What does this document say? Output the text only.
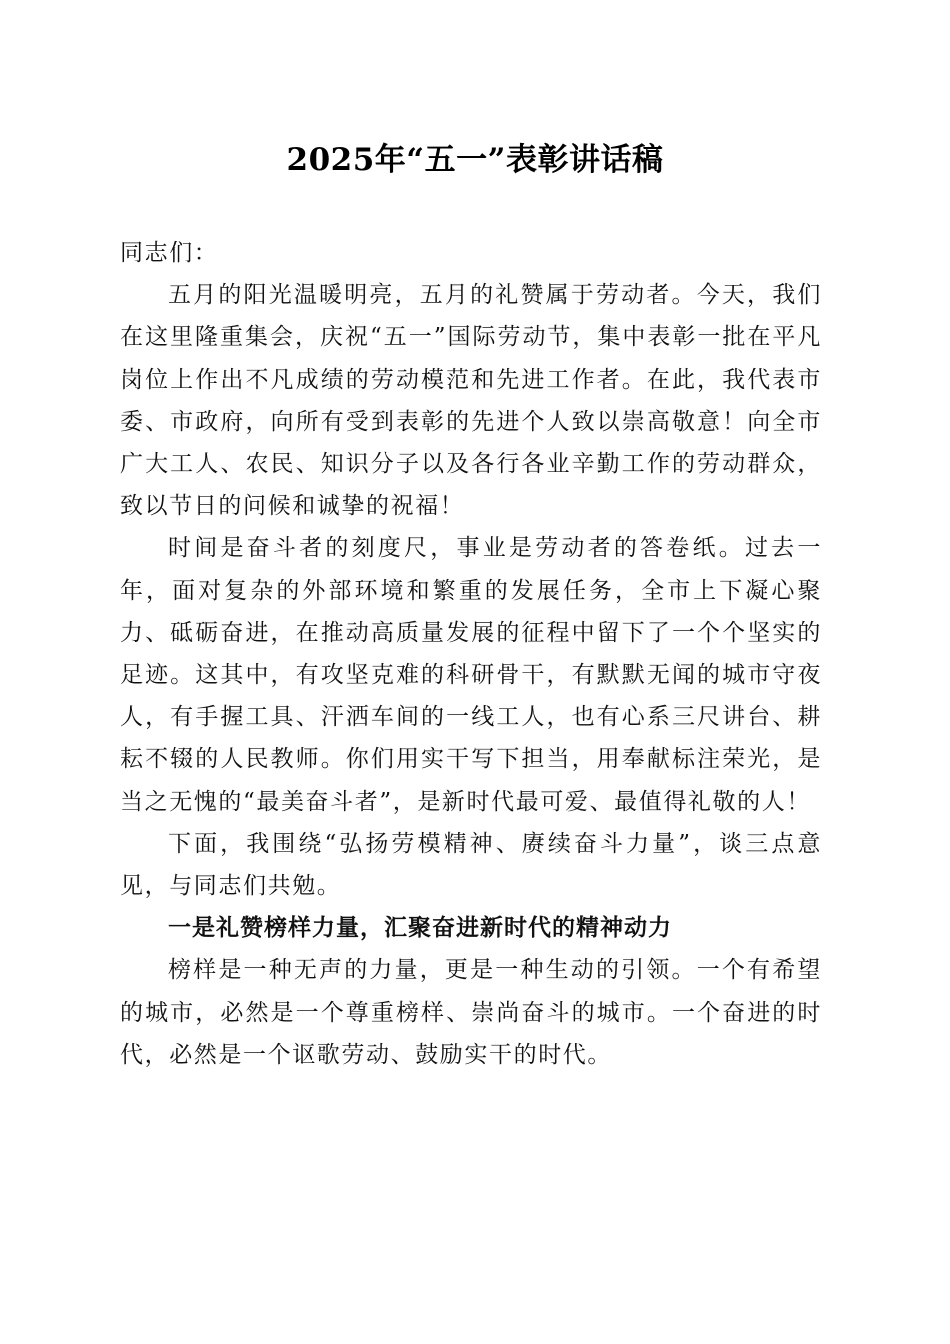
2025年“五一”表彰讲话稿

同志们：

五月的阳光温暖明亮，五月的礼赞属于劳动者。今天，我们在这里隆重集会，庆祝“五一”国际劳动节，集中表彰一批在平凡岗位上作出不凡成绩的劳动模范和先进工作者。在此，我代表市委、市政府，向所有受到表彰的先进个人致以崇高敬意！向全市广大工人、农民、知识分子以及各行各业辛勤工作的劳动群众，致以节日的问候和诚挚的祝福！

时间是奋斗者的刻度尺，事业是劳动者的答卷纸。过去一年，面对复杂的外部环境和繁重的发展任务，全市上下凝心聚力、砥砺奋进，在推动高质量发展的征程中留下了一个个坚实的足迹。这其中，有攻坚克难的科研骨干，有默默无闻的城市守夜人，有手握工具、汗洒车间的一线工人，也有心系三尺讲台、耕耘不辍的人民教师。你们用实干写下担当，用奉献标注荣光，是当之无愧的“最美奋斗者”，是新时代最可爱、最值得礼敬的人！

下面，我围绕“弘扬劳模精神、赓续奋斗力量”，谈三点意见，与同志们共勉。

一是礼赞榜样力量，汇聚奋进新时代的精神动力

榜样是一种无声的力量，更是一种生动的引领。一个有希望的城市，必然是一个尊重榜样、崇尚奋斗的城市。一个奋进的时代，必然是一个讴歌劳动、鼓励实干的时代。
